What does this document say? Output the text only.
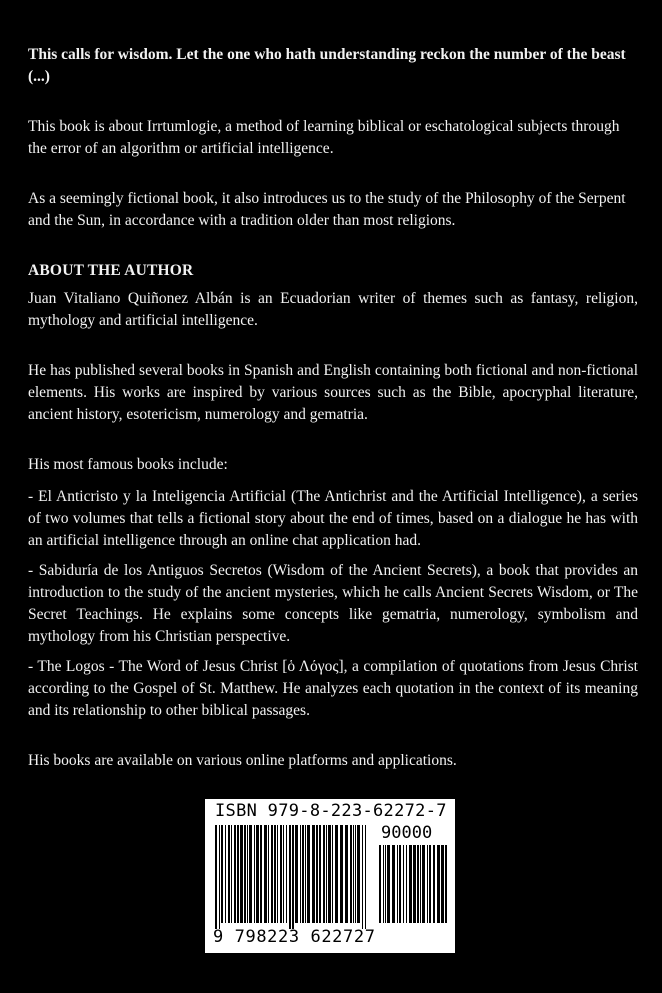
This calls for wisdom. Let the one who hath understanding reckon the number of the beast (...)

This book is about Irrtumlogie, a method of learning biblical or eschatological subjects through the error of an algorithm or artificial intelligence.

As a seemingly fictional book, it also introduces us to the study of the Philosophy of the Serpent and the Sun, in accordance with a tradition older than most religions.

ABOUT THE AUTHOR

Juan Vitaliano Quiñonez Albán is an Ecuadorian writer of themes such as fantasy, religion, mythology and artificial intelligence.

He has published several books in Spanish and English containing both fictional and non-fictional elements. His works are inspired by various sources such as the Bible, apocryphal literature, ancient history, esotericism, numerology and gematria.

His most famous books include:

- El Anticristo y la Inteligencia Artificial (The Antichrist and the Artificial Intelligence), a series of two volumes that tells a fictional story about the end of times, based on a dialogue he has with an artificial intelligence through an online chat application had.

- Sabiduría de los Antiguos Secretos (Wisdom of the Ancient Secrets), a book that provides an introduction to the study of the ancient mysteries, which he calls Ancient Secrets Wisdom, or The Secret Teachings. He explains some concepts like gematria, numerology, symbolism and mythology from his Christian perspective.

- The Logos - The Word of Jesus Christ [ὁ Λόγος], a compilation of quotations from Jesus Christ according to the Gospel of St. Matthew. He analyzes each quotation in the context of its meaning and its relationship to other biblical passages.

His books are available on various online platforms and applications.

ISBN 979-8-223-62272-7
90000
9 798223 622727
